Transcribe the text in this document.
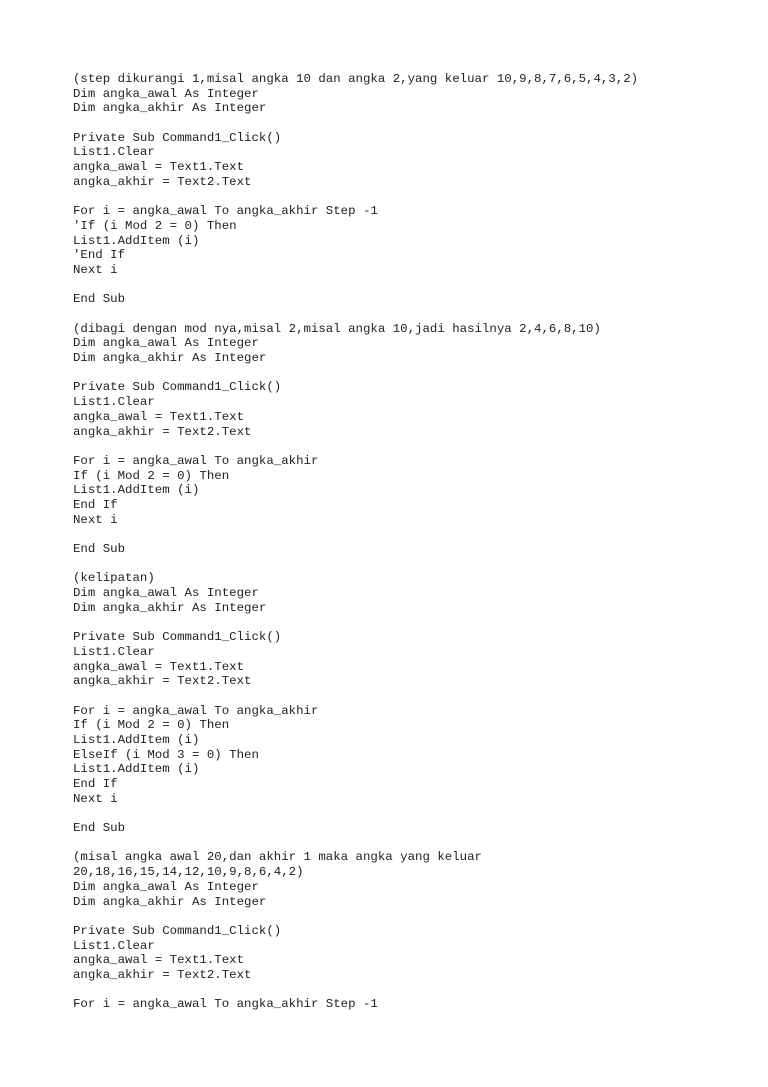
(step dikurangi 1,misal angka 10 dan angka 2,yang keluar 10,9,8,7,6,5,4,3,2)
Dim angka_awal As Integer
Dim angka_akhir As Integer
Private Sub Command1_Click()
List1.Clear
angka_awal = Text1.Text
angka_akhir = Text2.Text
For i = angka_awal To angka_akhir Step -1
'If (i Mod 2 = 0) Then
List1.AddItem (i)
'End If
Next i
End Sub
(dibagi dengan mod nya,misal 2,misal angka 10,jadi hasilnya 2,4,6,8,10)
Dim angka_awal As Integer
Dim angka_akhir As Integer
Private Sub Command1_Click()
List1.Clear
angka_awal = Text1.Text
angka_akhir = Text2.Text
For i = angka_awal To angka_akhir
If (i Mod 2 = 0) Then
List1.AddItem (i)
End If
Next i
End Sub
(kelipatan)
Dim angka_awal As Integer
Dim angka_akhir As Integer
Private Sub Command1_Click()
List1.Clear
angka_awal = Text1.Text
angka_akhir = Text2.Text
For i = angka_awal To angka_akhir
If (i Mod 2 = 0) Then
List1.AddItem (i)
ElseIf (i Mod 3 = 0) Then
List1.AddItem (i)
End If
Next i
End Sub
(misal angka awal 20,dan akhir 1 maka angka yang keluar
20,18,16,15,14,12,10,9,8,6,4,2)
Dim angka_awal As Integer
Dim angka_akhir As Integer
Private Sub Command1_Click()
List1.Clear
angka_awal = Text1.Text
angka_akhir = Text2.Text
For i = angka_awal To angka_akhir Step -1
